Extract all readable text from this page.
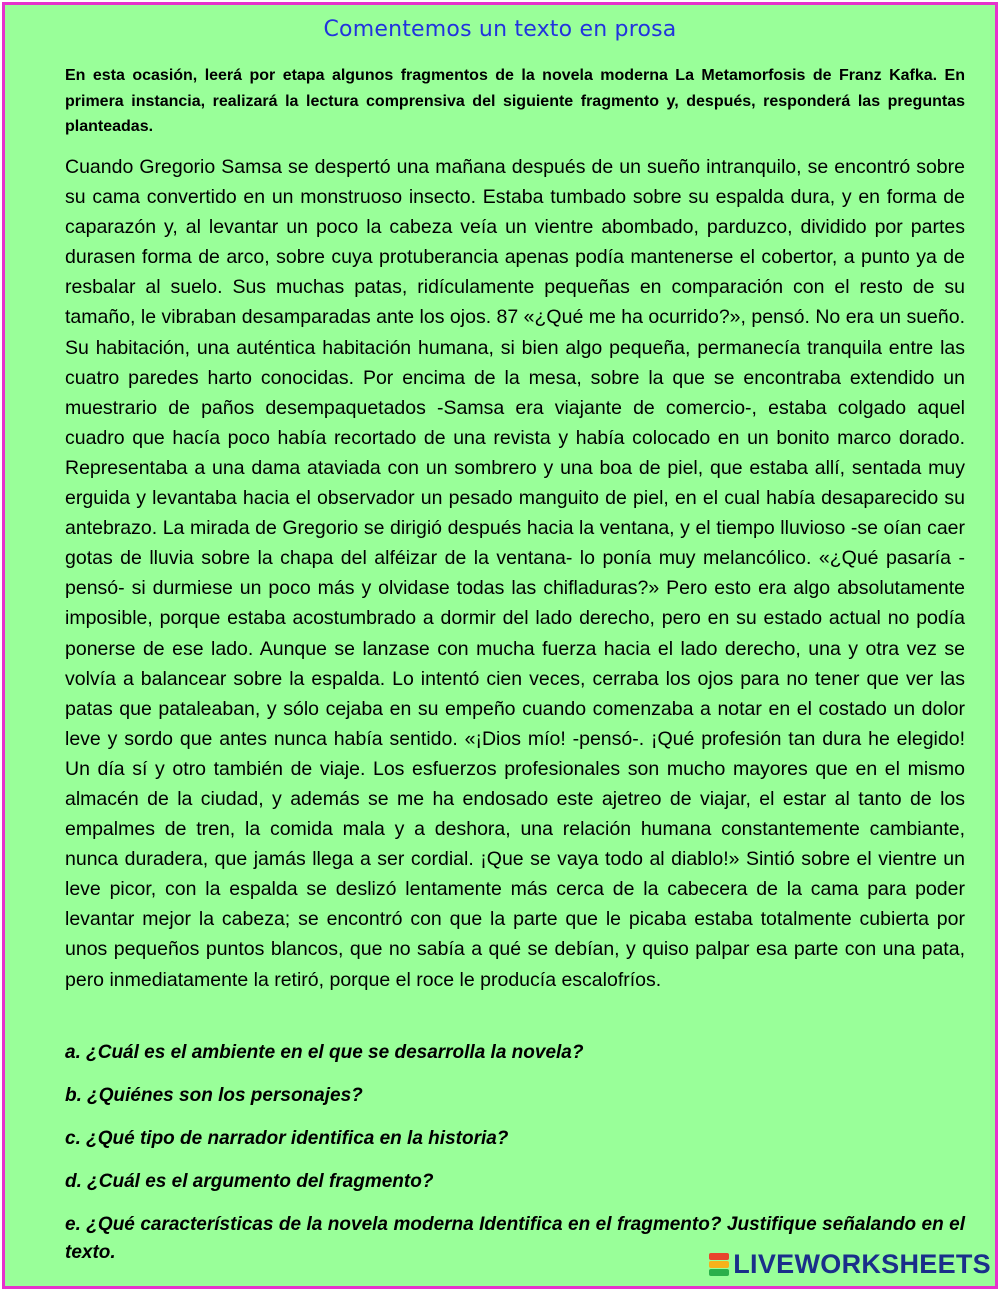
Comentemos un texto en prosa
En esta ocasión, leerá por etapa algunos fragmentos de la novela moderna La Metamorfosis de Franz Kafka. En primera instancia, realizará la lectura comprensiva del siguiente fragmento y, después, responderá las preguntas planteadas.
Cuando Gregorio Samsa se despertó una mañana después de un sueño intranquilo, se encontró sobre su cama convertido en un monstruoso insecto. Estaba tumbado sobre su espalda dura, y en forma de caparazón y, al levantar un poco la cabeza veía un vientre abombado, parduzco, dividido por partes durasen forma de arco, sobre cuya protuberancia apenas podía mantenerse el cobertor, a punto ya de resbalar al suelo. Sus muchas patas, ridículamente pequeñas en comparación con el resto de su tamaño, le vibraban desamparadas ante los ojos. 87 «¿Qué me ha ocurrido?», pensó. No era un sueño. Su habitación, una auténtica habitación humana, si bien algo pequeña, permanecía tranquila entre las cuatro paredes harto conocidas. Por encima de la mesa, sobre la que se encontraba extendido un muestrario de paños desempaquetados -Samsa era viajante de comercio-, estaba colgado aquel cuadro que hacía poco había recortado de una revista y había colocado en un bonito marco dorado. Representaba a una dama ataviada con un sombrero y una boa de piel, que estaba allí, sentada muy erguida y levantaba hacia el observador un pesado manguito de piel, en el cual había desaparecido su antebrazo. La mirada de Gregorio se dirigió después hacia la ventana, y el tiempo lluvioso -se oían caer gotas de lluvia sobre la chapa del alféizar de la ventana- lo ponía muy melancólico. «¿Qué pasaría -pensó- si durmiese un poco más y olvidase todas las chifladuras?» Pero esto era algo absolutamente imposible, porque estaba acostumbrado a dormir del lado derecho, pero en su estado actual no podía ponerse de ese lado. Aunque se lanzase con mucha fuerza hacia el lado derecho, una y otra vez se volvía a balancear sobre la espalda. Lo intentó cien veces, cerraba los ojos para no tener que ver las patas que pataleaban, y sólo cejaba en su empeño cuando comenzaba a notar en el costado un dolor leve y sordo que antes nunca había sentido. «¡Dios mío! -pensó-. ¡Qué profesión tan dura he elegido! Un día sí y otro también de viaje. Los esfuerzos profesionales son mucho mayores que en el mismo almacén de la ciudad, y además se me ha endosado este ajetreo de viajar, el estar al tanto de los empalmes de tren, la comida mala y a deshora, una relación humana constantemente cambiante, nunca duradera, que jamás llega a ser cordial. ¡Que se vaya todo al diablo!» Sintió sobre el vientre un leve picor, con la espalda se deslizó lentamente más cerca de la cabecera de la cama para poder levantar mejor la cabeza; se encontró con que la parte que le picaba estaba totalmente cubierta por unos pequeños puntos blancos, que no sabía a qué se debían, y quiso palpar esa parte con una pata, pero inmediatamente la retiró, porque el roce le producía escalofríos.
a. ¿Cuál es el ambiente en el que se desarrolla la novela?
b. ¿Quiénes son los personajes?
c. ¿Qué tipo de narrador identifica en la historia?
d. ¿Cuál es el argumento del fragmento?
e. ¿Qué características de la novela moderna Identifica en el fragmento? Justifique señalando en el texto.	LIVEWORKSHEETS
